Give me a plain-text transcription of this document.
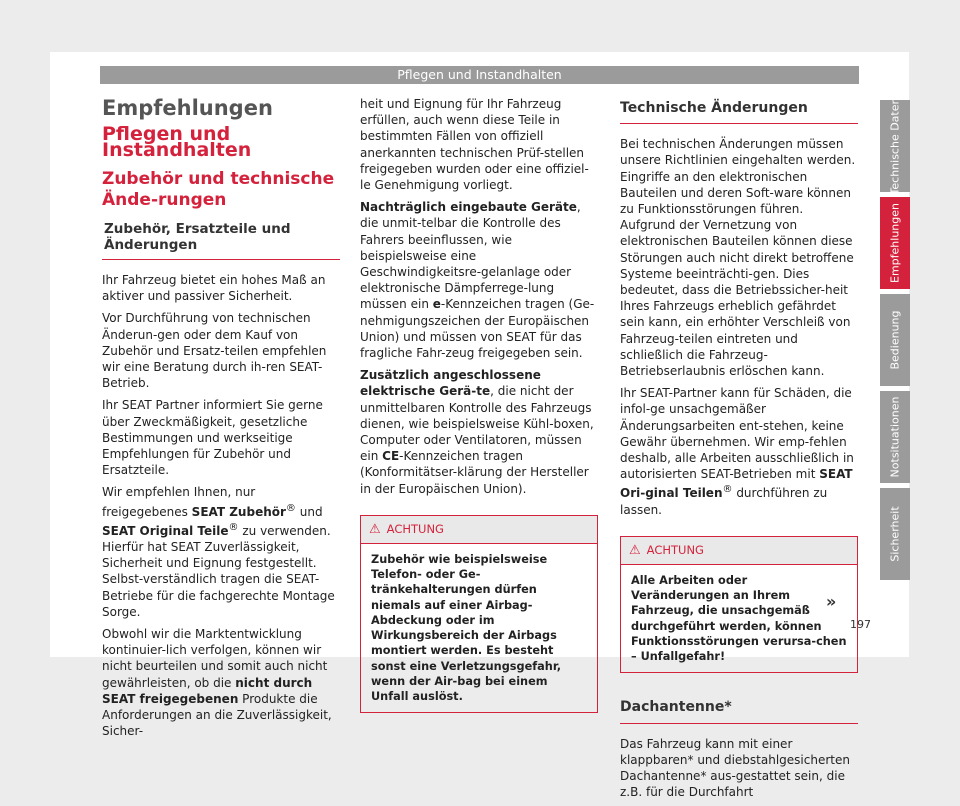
Pflegen und Instandhalten
Empfehlungen
Pflegen und Instandhalten
Zubehör und technische Ände-rungen
Zubehör, Ersatzteile und Änderungen

Ihr Fahrzeug bietet ein hohes Maß an aktiver und passiver Sicherheit.

Vor Durchführung von technischen Änderun-gen oder dem Kauf von Zubehör und Ersatz-teilen empfehlen wir eine Beratung durch ih-ren SEAT-Betrieb.

Ihr SEAT Partner informiert Sie gerne über Zweckmäßigkeit, gesetzliche Bestimmungen und werkseitige Empfehlungen für Zubehör und Ersatzteile.

Wir empfehlen Ihnen, nur freigegebenes SEAT Zubehör® und SEAT Original Teile® zu verwenden. Hierfür hat SEAT Zuverlässigkeit, Sicherheit und Eignung festgestellt. Selbst-verständlich tragen die SEAT-Betriebe für die fachgerechte Montage Sorge.

Obwohl wir die Marktentwicklung kontinuier-lich verfolgen, können wir nicht beurteilen und somit auch nicht gewährleisten, ob die nicht durch SEAT freigegebenen Produkte die Anforderungen an die Zuverlässigkeit, Sicher-

heit und Eignung für Ihr Fahrzeug erfüllen, auch wenn diese Teile in bestimmten Fällen von offiziell anerkannten technischen Prüf-stellen freigegeben wurden oder eine offiziel-le Genehmigung vorliegt.

Nachträglich eingebaute Geräte, die unmit-telbar die Kontrolle des Fahrers beeinflussen, wie beispielsweise eine Geschwindigkeitsre-gelanlage oder elektronische Dämpferrege-lung müssen ein e-Kennzeichen tragen (Ge-nehmigungszeichen der Europäischen Union) und müssen von SEAT für das fragliche Fahr-zeug freigegeben sein.

Zusätzlich angeschlossene elektrische Gerä-te, die nicht der unmittelbaren Kontrolle des Fahrzeugs dienen, wie beispielsweise Kühl-boxen, Computer oder Ventilatoren, müssen ein CE-Kennzeichen tragen (Konformitätser-klärung der Hersteller in der Europäischen Union).

⚠ ACHTUNG
Zubehör wie beispielsweise Telefon- oder Ge-tränkehalterungen dürfen niemals auf einer Airbag-Abdeckung oder im Wirkungsbereich der Airbags montiert werden. Es besteht sonst eine Verletzungsgefahr, wenn der Air-bag bei einem Unfall auslöst.
Technische Änderungen

Bei technischen Änderungen müssen unsere Richtlinien eingehalten werden. Eingriffe an den elektronischen Bauteilen und deren Soft-ware können zu Funktionsstörungen führen. Aufgrund der Vernetzung von elektronischen Bauteilen können diese Störungen auch nicht direkt betroffene Systeme beeinträchti-gen. Dies bedeutet, dass die Betriebssicher-heit Ihres Fahrzeugs erheblich gefährdet sein kann, ein erhöhter Verschleiß von Fahrzeug-teilen eintreten und schließlich die Fahrzeug-Betriebserlaubnis erlöschen kann.

Ihr SEAT-Partner kann für Schäden, die infol-ge unsachgemäßer Änderungsarbeiten ent-stehen, keine Gewähr übernehmen. Wir emp-fehlen deshalb, alle Arbeiten ausschließlich in autorisierten SEAT-Betrieben mit SEAT Ori-ginal Teilen® durchführen zu lassen.

⚠ ACHTUNG
Alle Arbeiten oder Veränderungen an Ihrem Fahrzeug, die unsachgemäß durchgeführt werden, können Funktionsstörungen verursa-chen – Unfallgefahr!
Dachantenne*

Das Fahrzeug kann mit einer klappbaren* und diebstahlgesicherten Dachantenne* aus-gestattet sein, die z.B. für die Durchfahrt

Technische Daten
Empfehlungen
Bedienung
Notsituationen
Sicherheit
»
197
